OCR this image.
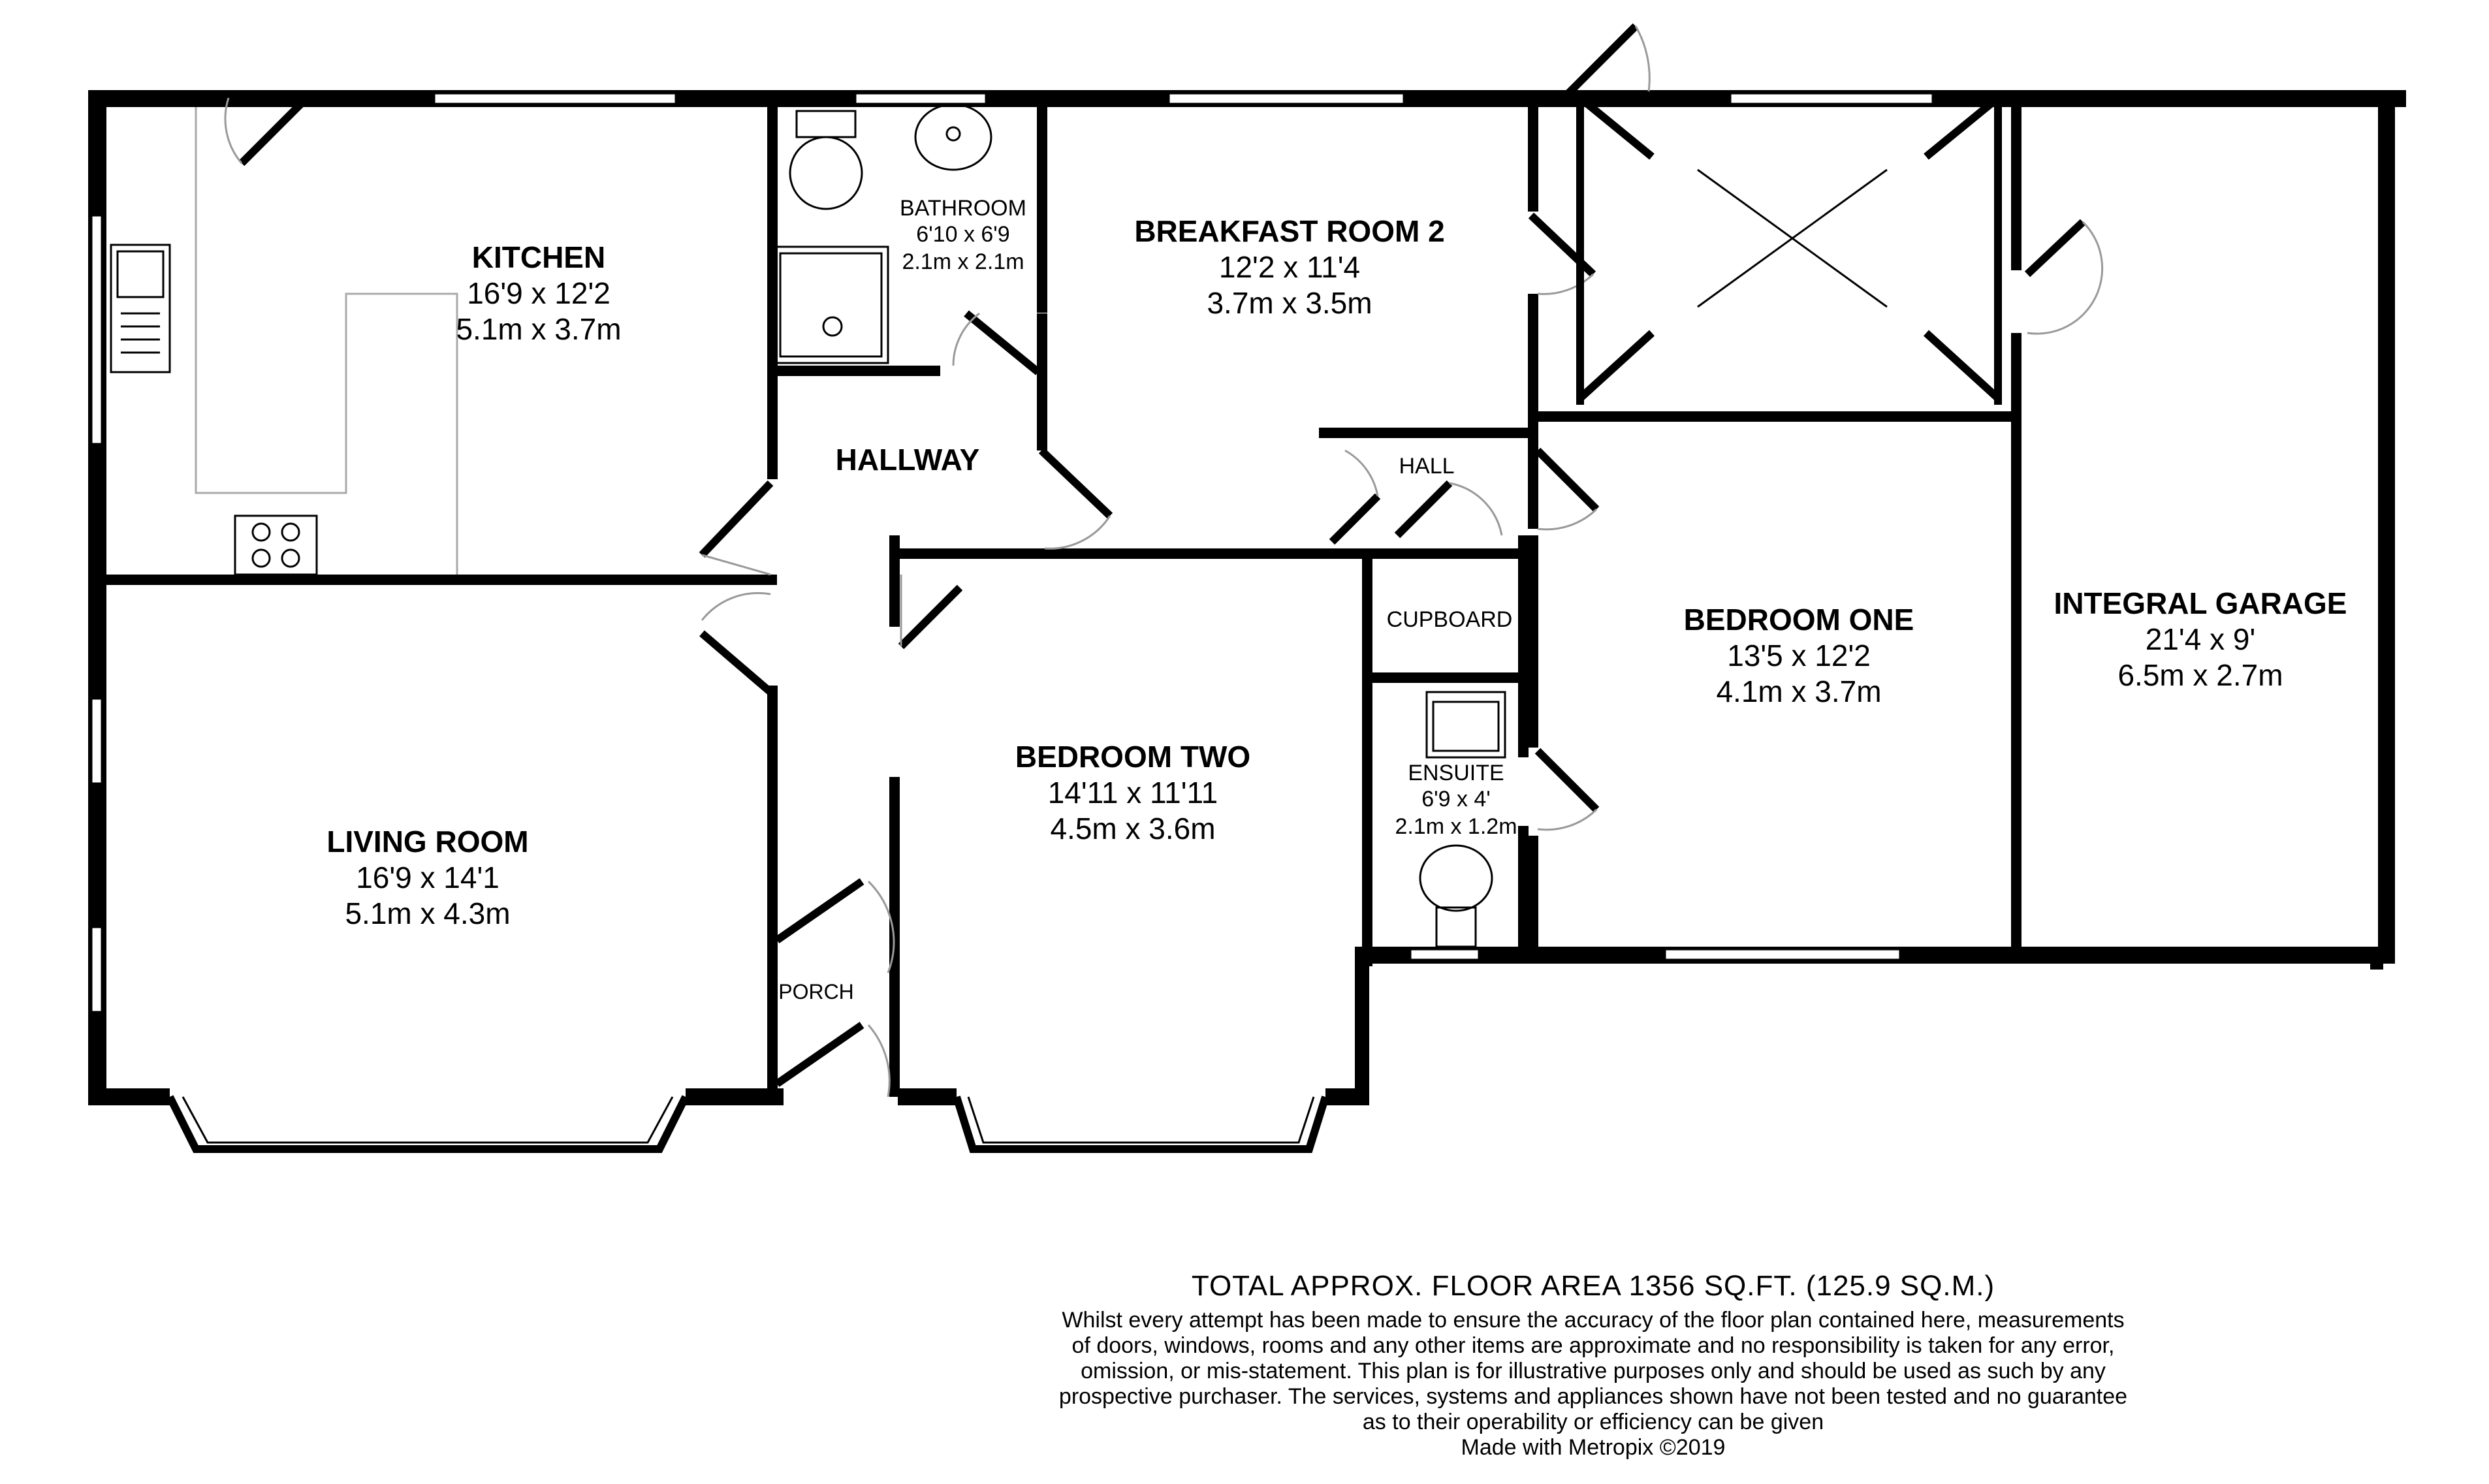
KITCHEN
16'9 x 12'2
5.1m x 3.7m
BATHROOM
6'10 x 6'9
2.1m x 2.1m
BREAKFAST ROOM 2
12'2 x 11'4
3.7m x 3.5m
HALLWAY	HALL
CUPBOARD
LIVING ROOM
16'9 x 14'1
5.1m x 4.3m
BEDROOM TWO
14'11 x 11'11
4.5m x 3.6m
PORCH
ENSUITE
6'9 x 4'
2.1m x 1.2m
BEDROOM ONE
13'5 x 12'2
4.1m x 3.7m
INTEGRAL GARAGE
21'4 x 9'
6.5m x 2.7m
TOTAL APPROX. FLOOR AREA 1356 SQ.FT. (125.9 SQ.M.)
Whilst every attempt has been made to ensure the accuracy of the floor plan contained here, measurements
of doors, windows, rooms and any other items are approximate and no responsibility is taken for any error,
omission, or mis-statement. This plan is for illustrative purposes only and should be used as such by any
prospective purchaser. The services, systems and appliances shown have not been tested and no guarantee
as to their operability or efficiency can be given
Made with Metropix ©2019
